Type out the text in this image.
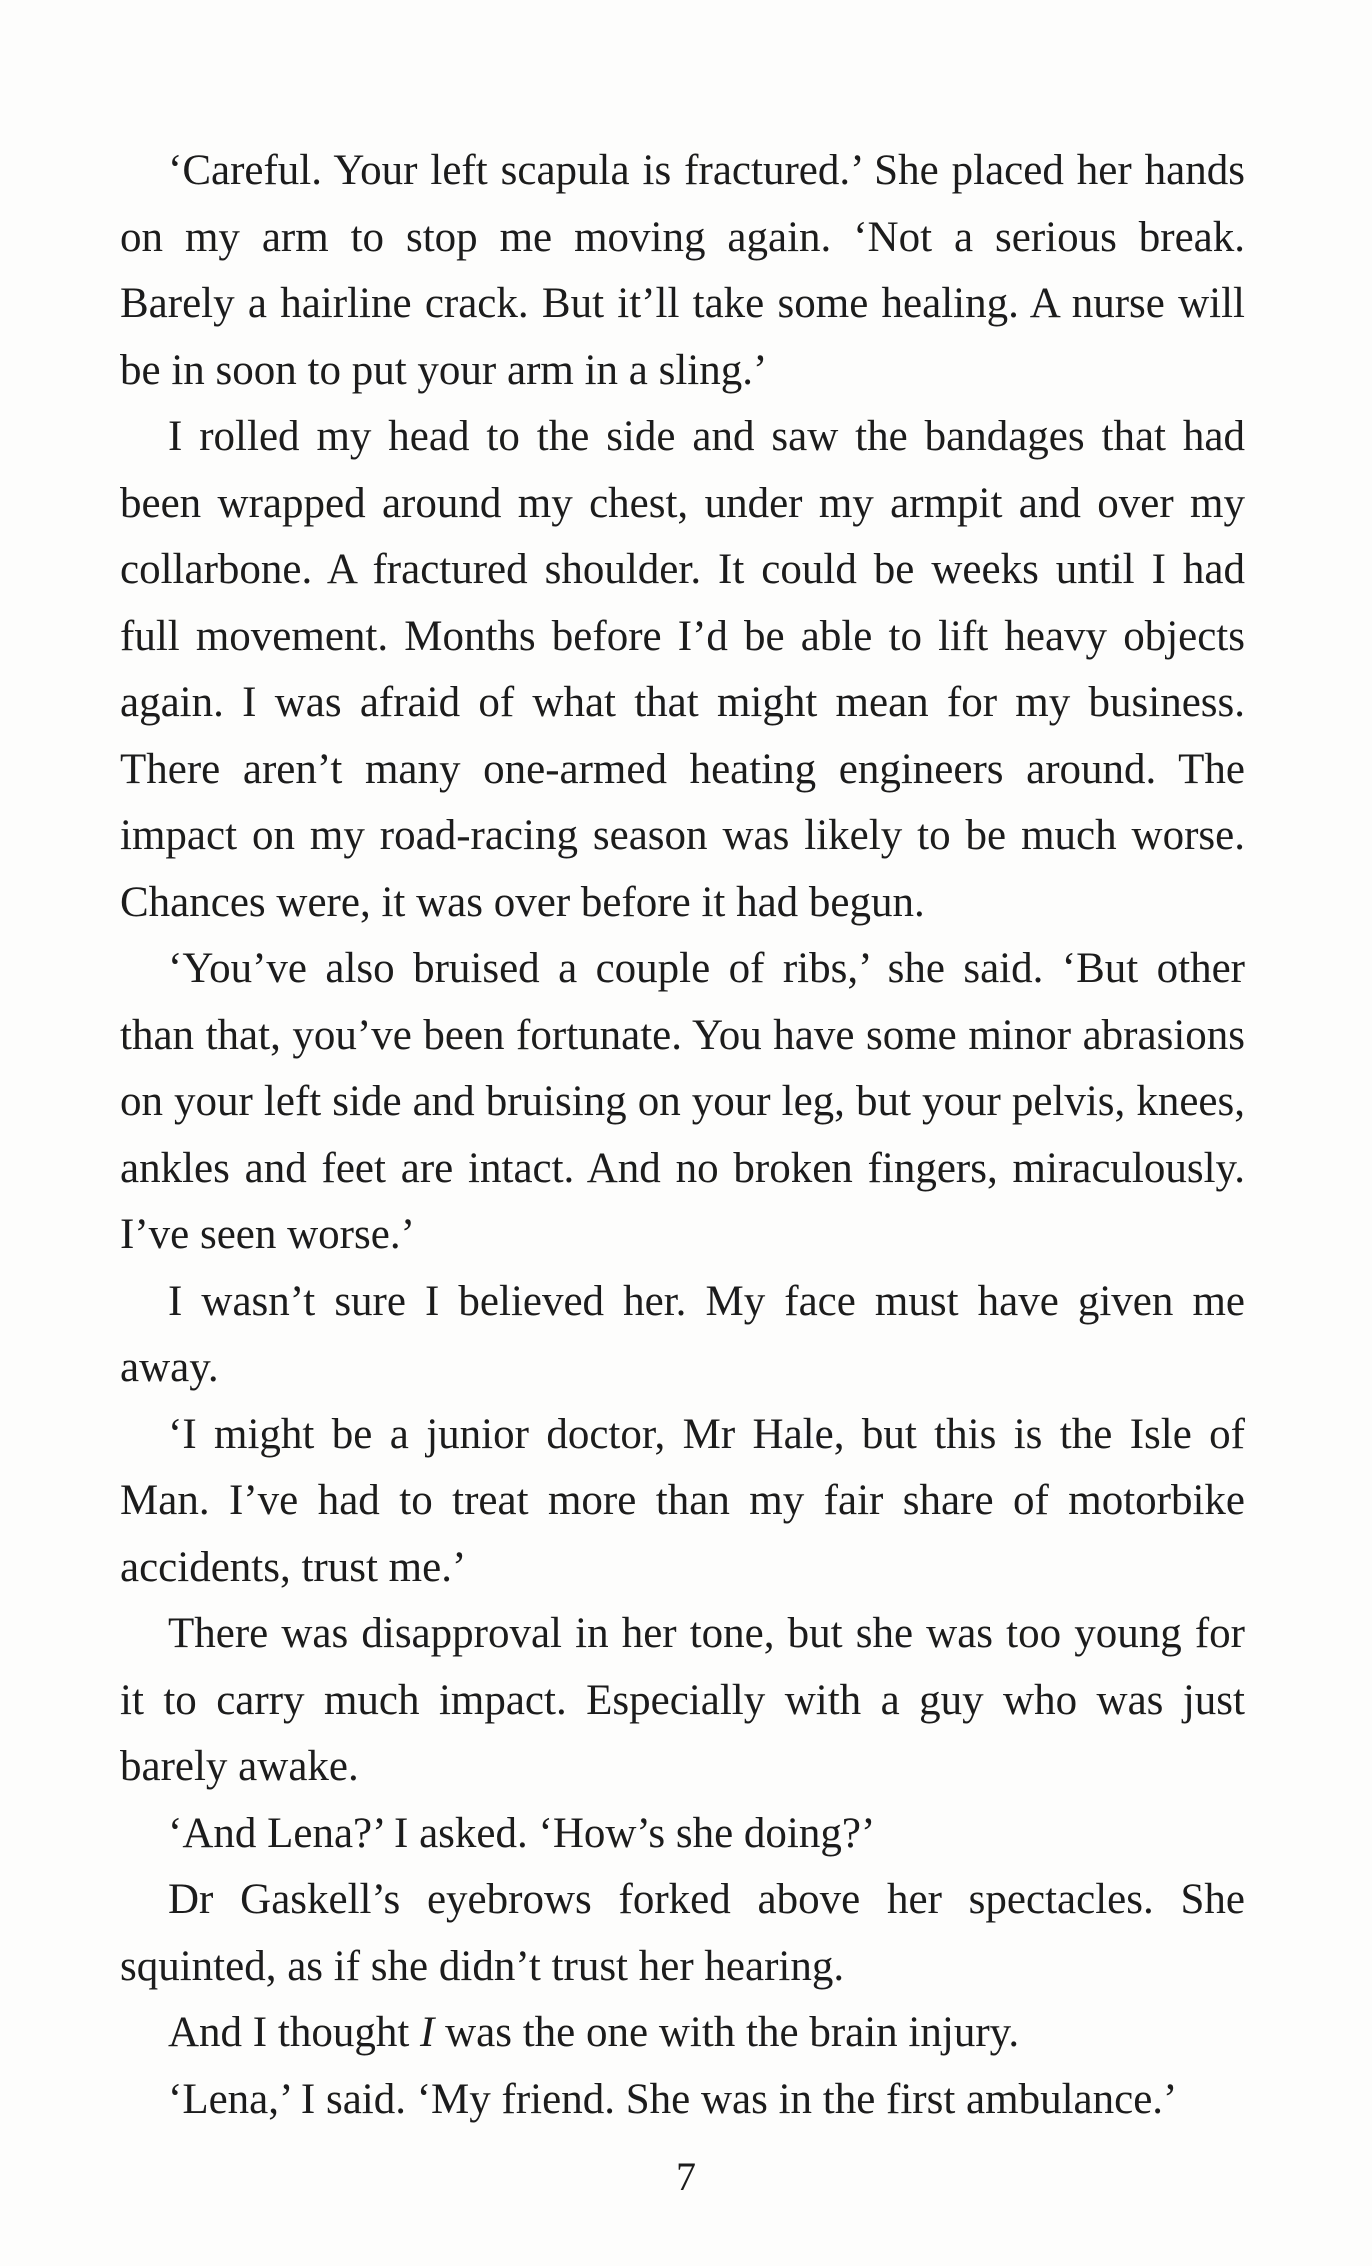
‘Careful. Your left scapula is fractured.’ She placed her hands on my arm to stop me moving again. ‘Not a serious break. Barely a hairline crack. But it’ll take some healing. A nurse will be in soon to put your arm in a sling.’

I rolled my head to the side and saw the bandages that had been wrapped around my chest, under my armpit and over my collarbone. A fractured shoulder. It could be weeks until I had full movement. Months before I’d be able to lift heavy objects again. I was afraid of what that might mean for my business. There aren’t many one-armed heating engineers around. The impact on my road-racing season was likely to be much worse. Chances were, it was over before it had begun.

‘You’ve also bruised a couple of ribs,’ she said. ‘But other than that, you’ve been fortunate. You have some minor abrasions on your left side and bruising on your leg, but your pelvis, knees, ankles and feet are intact. And no broken fingers, miraculously. I’ve seen worse.’

I wasn’t sure I believed her. My face must have given me away.

‘I might be a junior doctor, Mr Hale, but this is the Isle of Man. I’ve had to treat more than my fair share of motorbike accidents, trust me.’

There was disapproval in her tone, but she was too young for it to carry much impact. Especially with a guy who was just barely awake.

‘And Lena?’ I asked. ‘How’s she doing?’

Dr Gaskell’s eyebrows forked above her spectacles. She squinted, as if she didn’t trust her hearing.

And I thought I was the one with the brain injury.

‘Lena,’ I said. ‘My friend. She was in the first ambulance.’

7
